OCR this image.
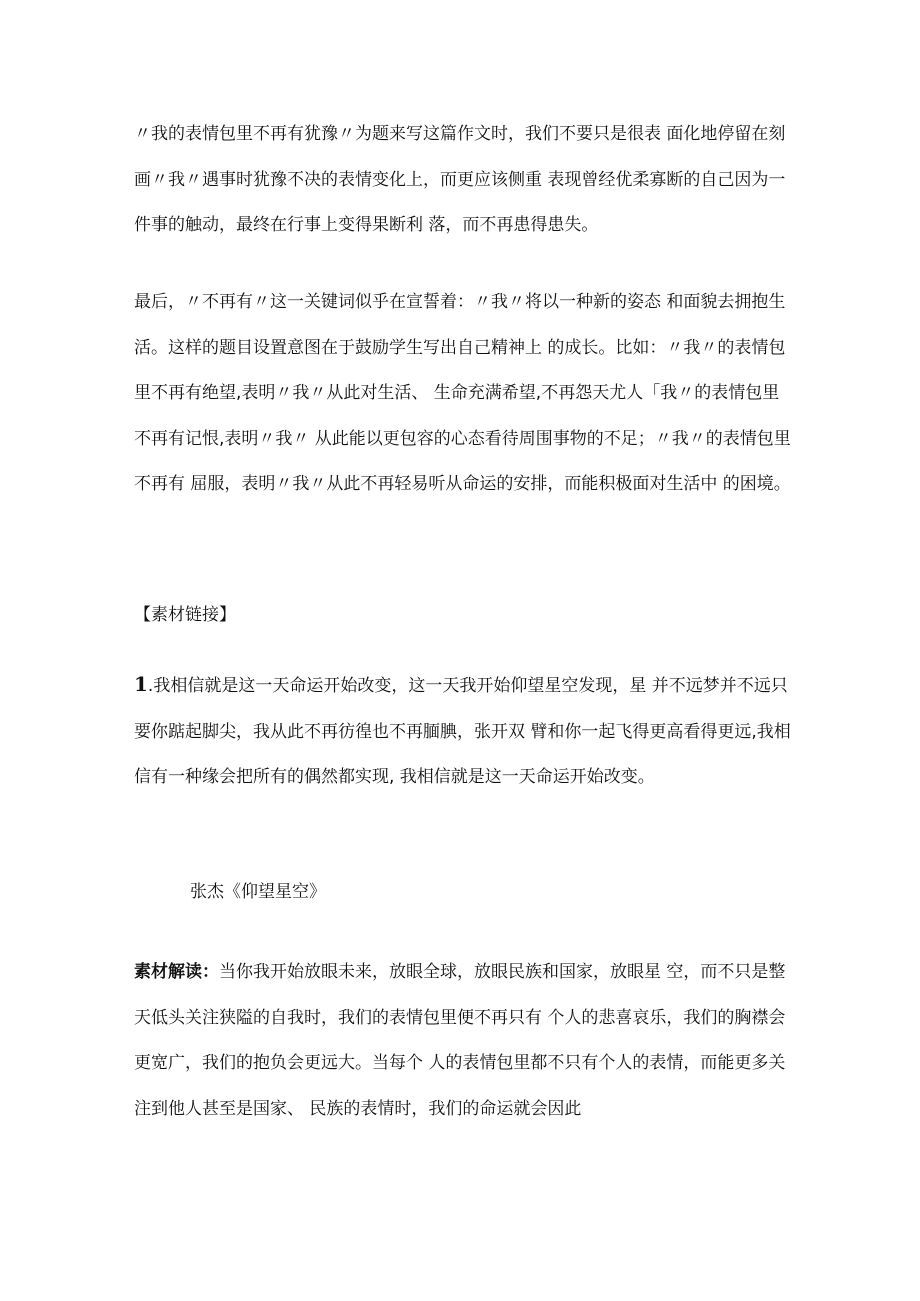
〃我的表情包里不再有犹豫〃为题来写这篇作文时，我们不要只是很表 面化地停留在刻画〃我〃遇事时犹豫不决的表情变化上，而更应该侧重 表现曾经优柔寡断的自己因为一件事的触动，最终在行事上变得果断利 落，而不再患得患失。

最后，〃不再有〃这一关键词似乎在宣誓着：〃我〃将以一种新的姿态 和面貌去拥抱生活。这样的题目设置意图在于鼓励学生写出自己精神上 的成长。比如：〃我〃的表情包里不再有绝望,表明〃我〃从此对生活、 生命充满希望,不再怨天尤人「我〃的表情包里不再有记恨,表明〃我〃 从此能以更包容的心态看待周围事物的不足；〃我〃的表情包里不再有 屈服，表明〃我〃从此不再轻易听从命运的安排，而能积极面对生活中 的困境。

【素材链接】

1.我相信就是这一天命运开始改变，这一天我开始仰望星空发现，星 并不远梦并不远只要你踮起脚尖，我从此不再彷徨也不再腼腆，张开双 臂和你一起飞得更高看得更远,我相信有一种缘会把所有的偶然都实现, 我相信就是这一天命运开始改变。

张杰《仰望星空》

素材解读：当你我开始放眼未来，放眼全球，放眼民族和国家，放眼星 空，而不只是整天低头关注狭隘的自我时，我们的表情包里便不再只有 个人的悲喜哀乐，我们的胸襟会更宽广，我们的抱负会更远大。当每个 人的表情包里都不只有个人的表情，而能更多关注到他人甚至是国家、 民族的表情时，我们的命运就会因此
